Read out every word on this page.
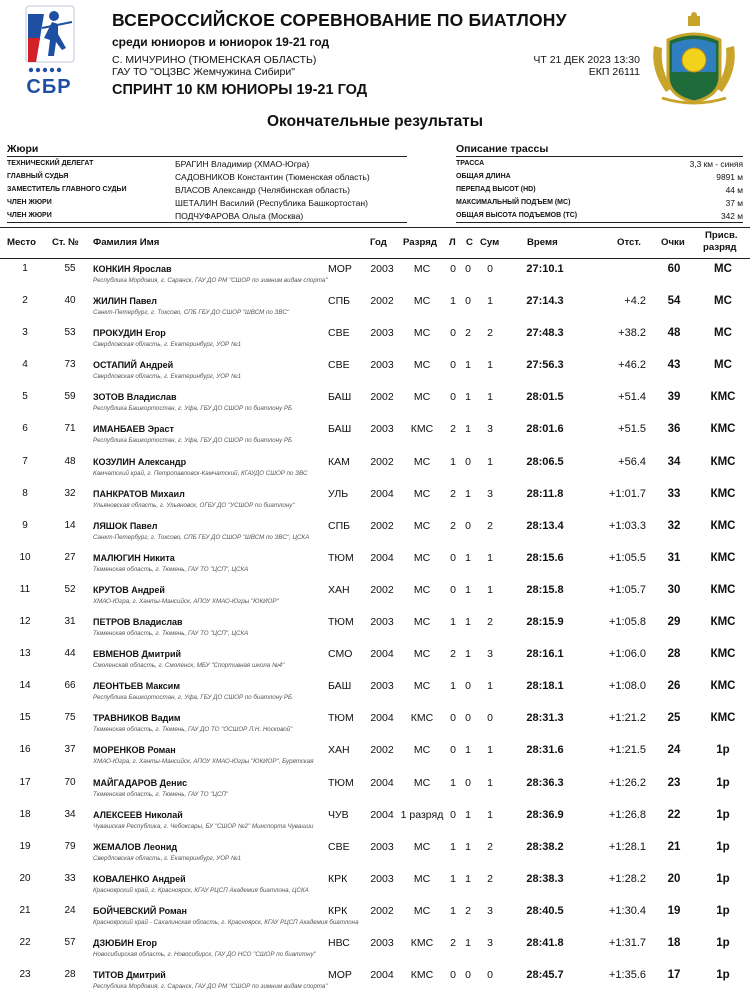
СБР
ВСЕРОССИЙСКОЕ СОРЕВНОВАНИЕ ПО БИАТЛОНУ
среди юниоров и юниорок 19-21 год
С. МИЧУРИНО (ТЮМЕНСКАЯ ОБЛАСТЬ)
ГАУ ТО "ОЦЗВС Жемчужина Сибири"
ЧТ 21 ДЕК 2023 13:30
ЕКП 26111
СПРИНТ 10 КМ ЮНИОРЫ 19-21 ГОД
Окончательные результаты
Жюри
ТЕХНИЧЕСКИЙ ДЕЛЕГАТ	БРАГИН Владимир (ХМАО-Югра)
ГЛАВНЫЙ СУДЬЯ	САДОВНИКОВ Константин (Тюменская область)
ЗАМЕСТИТЕЛЬ ГЛАВНОГО СУДЬИ	ВЛАСОВ Александр (Челябинская область)
ЧЛЕН ЖЮРИ	ШЕТАЛИН Василий (Республика Башкортостан)
ЧЛЕН ЖЮРИ	ПОДЧУФАРОВА Ольга (Москва)
Описание трассы
ТРАССА	3,3 км - синяя
ОБЩАЯ ДЛИНА	9891 м
ПЕРЕПАД ВЫСОТ (HD)	44 м
МАКСИМАЛЬНЫЙ ПОДЪЕМ (MC)	37 м
ОБЩАЯ ВЫСОТА ПОДЪЕМОВ (TC)	342 м
Место Ст. № Фамилия Имя	Год Разряд Л С Сум	Время	Отст. Очки
Присв.
разряд
1	55	КОНКИН Ярослав	МОР 2003	МС	0 0	0	27:10.1	60	МС
Республика Мордовия, г. Саранск, ГАУ ДО РМ "СШОР по зимним видам спорта"
2	40	ЖИЛИН Павел	СПБ 2002	МС	1 0	1	27:14.3	+4.2	54	МС
Санкт-Петербург, г. Токсово, СПБ ГБУ ДО СШОР "ШВСМ по ЗВС"
3	53	ПРОКУДИН Егор	СВЕ 2003	МС	0 2	2	27:48.3	+38.2	48	МС
Свердловская область, г. Екатеринбург, УОР №1
4	73	ОСТАПИЙ Андрей	СВЕ 2003	МС	0 1	1	27:56.3	+46.2	43	МС
Свердловская область, г. Екатеринбург, УОР №1
5	59	ЗОТОВ Владислав	БАШ 2002	МС	0 1	1	28:01.5	+51.4	39	КМС
Республика Башкортостан, г. Уфа, ГБУ ДО СШОР по биатлону РБ
6	71	ИМАНБАЕВ Эраст	БАШ 2003	КМС	2 1	3	28:01.6	+51.5	36	КМС
Республика Башкортостан, г. Уфа, ГБУ ДО СШОР по биатлону РБ
7	48	КОЗУЛИН Александр	КАМ 2002	МС	1 0	1	28:06.5	+56.4	34	КМС
Камчатский край, г. Петропавловск-Камчатский, КГАУДО СШОР по ЗВС
8	32	ПАНКРАТОВ Михаил	УЛЬ 2004	МС	2 1	3	28:11.8	+1:01.7	33	КМС
Ульяновская область, г. Ульяновск, ОГБУ ДО "УСШОР по биатлону"
9	14	ЛЯШОК Павел	СПБ 2002	МС	2 0	2	28:13.4	+1:03.3	32	КМС
Санкт-Петербург, г. Токсово, СПБ ГБУ ДО СШОР "ШВСМ по ЗВС", ЦСКА
10	27	МАЛЮГИН Никита	ТЮМ 2004	МС	0 1	1	28:15.6	+1:05.5	31	КМС
Тюменская область, г. Тюмень, ГАУ ТО "ЦСП", ЦСКА
11	52	КРУТОВ Андрей	ХАН 2002	МС	0 1	1	28:15.8	+1:05.7	30	КМС
ХМАО-Югра, г. Ханты-Мансийск, АПОУ ХМАО-Югры "ЮКИОР"
12	31	ПЕТРОВ Владислав	ТЮМ 2003	МС	1 1	2	28:15.9	+1:05.8	29	КМС
Тюменская область, г. Тюмень, ГАУ ТО "ЦСП", ЦСКА
13	44	ЕВМЕНОВ Дмитрий	СМО 2004	МС	2 1	3	28:16.1	+1:06.0	28	КМС
Смоленская область, г. Смоленск, МБУ "Спортивная школа №4"
14	66	ЛЕОНТЬЕВ Максим	БАШ 2003	МС	1 0	1	28:18.1	+1:08.0	26	КМС
Республика Башкортостан, г. Уфа, ГБУ ДО СШОР по биатлону РБ
15	75	ТРАВНИКОВ Вадим	ТЮМ 2004	КМС	0 0	0	28:31.3	+1:21.2	25	КМС
Тюменская область, г. Тюмень, ГАУ ДО ТО "ОСШОР Л.Н. Носковой"
16	37	МОРЕНКОВ Роман	ХАН 2002	МС	0 1	1	28:31.6	+1:21.5	24	1р
ХМАО-Югра, г. Ханты-Мансийск, АПОУ ХМАО-Югры "ЮКИОР", Бурятская
17	70	МАЙГАДАРОВ Денис	ТЮМ 2004	МС	1 0	1	28:36.3	+1:26.2	23	1р
Тюменская область, г. Тюмень, ГАУ ТО "ЦСП"
18	34	АЛЕКСЕЕВ Николай	ЧУВ 2004 1 разряд 0 1	1	28:36.9	+1:26.8	22	1р
Чувашская Республика, г. Чебоксары, БУ "СШОР №2" Минспорта Чувашии
19	79	ЖЕМАЛОВ Леонид	СВЕ 2003	МС	1 1	2	28:38.2	+1:28.1	21	1р
Свердловская область, г. Екатеринбург, УОР №1
20	33	КОВАЛЕНКО Андрей	КРК 2003	МС	1 1	2	28:38.3	+1:28.2	20	1р
Красноярский край, г. Красноярск, КГАУ РЦСП Академия биатлона, ЦСКА
21	24	БОЙЧЕВСКИЙ Роман	КРК 2002	МС	1 2	3	28:40.5	+1:30.4	19	1р
Красноярский край - Сахалинская область, г. Красноярск, КГАУ РЦСП Академия биатлона
22	57	ДЗЮБИН Егор	НВС 2003	КМС	2 1	3	28:41.8	+1:31.7	18	1р
Новосибирская область, г. Новосибирск, ГАУ ДО НСО "СШОР по биатлону"
23	28	ТИТОВ Дмитрий	МОР 2004	КМС	0 0	0	28:45.7	+1:35.6	17	1р
Республика Мордовия, г. Саранск, ГАУ ДО РМ "СШОР по зимним видам спорта"
